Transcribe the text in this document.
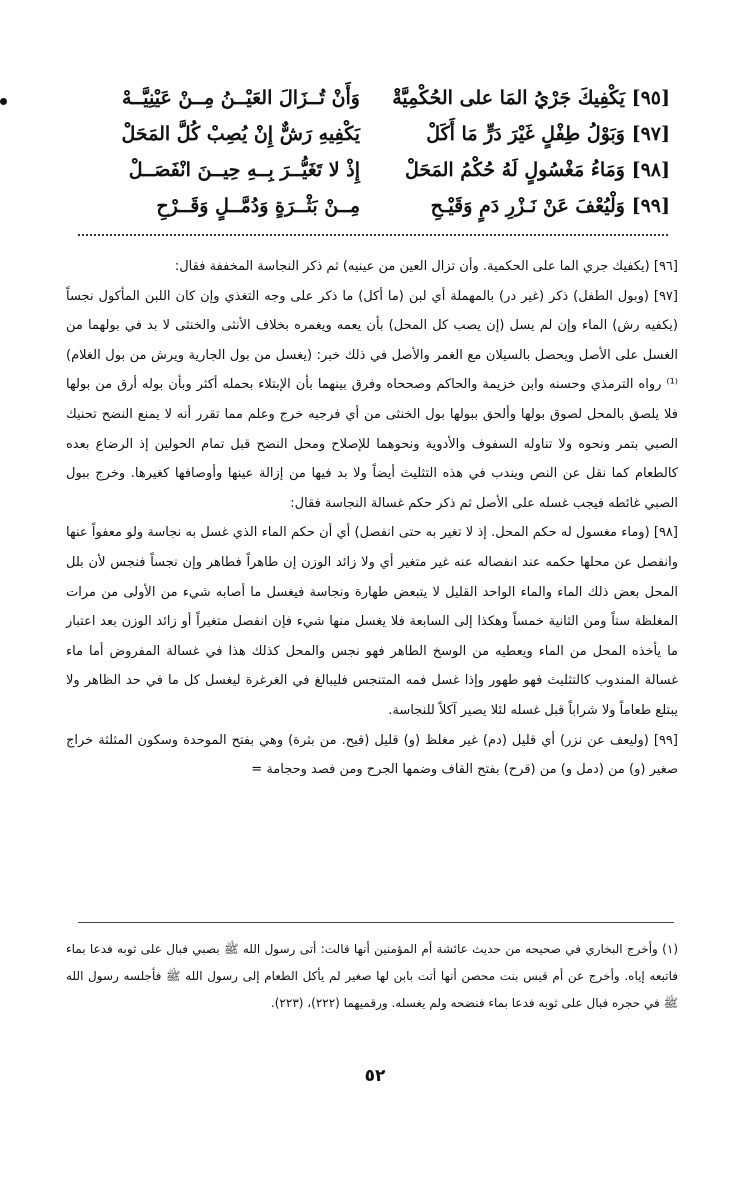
[٩٥] يَكْفِيكَ جَرْيُ المَا على الحُكْمِيَّةْ
وَأَنْ تُــزَالَ العَيْــنُ مِــنْ عَيْنِيَّــهْ
[٩٧] وَبَوْلُ طِفْلٍ غَيْرَ دَرٍّ مَا أَكَلْ
يَكْفِيهِ رَشٌّ إِنْ يُصِبْ كُلَّ المَحَلْ
[٩٨] وَمَاءُ مَغْسُولٍ لَهُ حُكْمُ المَحَلْ
إِذْ لا تَغَيُّــرَ بِــهِ حِيــنَ انْفَصَــلْ
[٩٩] وَلْيُعْفَ عَنْ نَـزْرِ دَمٍ وَقَيْـحِ
مِــنْ بَثْــرَةٍ وَدُمَّــلٍ وَقَــرْحِ

[٩٦] (يكفيك جري الما على الحكمية. وأن تزال العين من عينيه) ثم ذكر النجاسة المخففة فقال:

[٩٧] (وبول الطفل) ذكر (غير در) بالمهملة أي لبن (ما أكل) ما ذكر على وجه التغذي وإن كان اللبن المأكول نجساً (يكفيه رش) الماء وإن لم يسل (إن يصب كل المحل) بأن يعمه ويغمره بخلاف الأنثى والخنثى لا بد في بولهما من الغسل على الأصل ويحصل بالسيلان مع الغمر والأصل في ذلك خبر: (يغسل من بول الجارية ويرش من بول الغلام)⁽¹⁾ رواه الترمذي وحسنه وابن خزيمة والحاكم وصححاه وفرق بينهما بأن الإبتلاء بحمله أكثر وبأن بوله أرق من بولها فلا يلصق بالمحل لصوق بولها وألحق ببولها بول الخنثى من أي فرجيه خرج وعلم مما تقرر أنه لا يمنع النضح تحنيك الصبي بتمر ونحوه ولا تناوله السفوف والأدوية ونحوهما للإصلاح ومحل النضح قبل تمام الحولين إذ الرضاع بعده كالطعام كما نقل عن النص ويندب في هذه التثليث أيضاً ولا بد فيها من إزالة عينها وأوصافها كغيرها. وخرج ببول الصبي غائطه فيجب غسله على الأصل ثم ذكر حكم غسالة النجاسة فقال:

[٩٨] (وماء مغسول له حكم المحل. إذ لا تغير به حتى انفصل) أي أن حكم الماء الذي غسل به نجاسة ولو معفواً عنها وانفصل عن محلها حكمه عند انفصاله عنه غير متغير أي ولا زائد الوزن إن طاهراً فطاهر وإن نجساً فنجس لأن بلل المحل بعض ذلك الماء والماء الواحد القليل لا يتبعض طهارة ونجاسة فيغسل ما أصابه شيء من الأولى من مرات المغلظة ستاً ومن الثانية خمساً وهكذا إلى السابعة فلا يغسل منها شيء فإن انفصل متغيراً أو زائد الوزن بعد اعتبار ما يأخذه المحل من الماء ويعطيه من الوسخ الطاهر فهو نجس والمحل كذلك هذا في غسالة المفروض أما ماء غسالة المندوب كالتثليث فهو طهور وإذا غسل فمه المتنجس فليبالغ في الغرغرة ليغسل كل ما في حد الظاهر ولا يبتلع طعاماً ولا شراباً قبل غسله لئلا يصير آكلاً للنجاسة.

[٩٩] (وليعف عن نزر) أي قليل (دم) غير مغلظ (و) قليل (قيح. من بثرة) وهي بفتح الموحدة وسكون المثلثة خراج صغير (و) من (دمل و) من (قرح) بفتح القاف وضمها الجرح ومن فصد وحجامة =

(١) وأخرج البخاري في صحيحه من حديث عائشة أم المؤمنين أنها قالت: أتى رسول الله ﷺ بصبي فبال على ثوبه فدعا بماء فاتبعه إياه. وأخرج عن أم قيس بنت محصن أنها أتت بابن لها صغير لم يأكل الطعام إلى رسول الله ﷺ فأجلسه رسول الله ﷺ في حجره فبال على ثوبه فدعا بماء فنضحه ولم يغسله. ورقميهما (٢٢٢)، (٢٢٣).
٥٢
